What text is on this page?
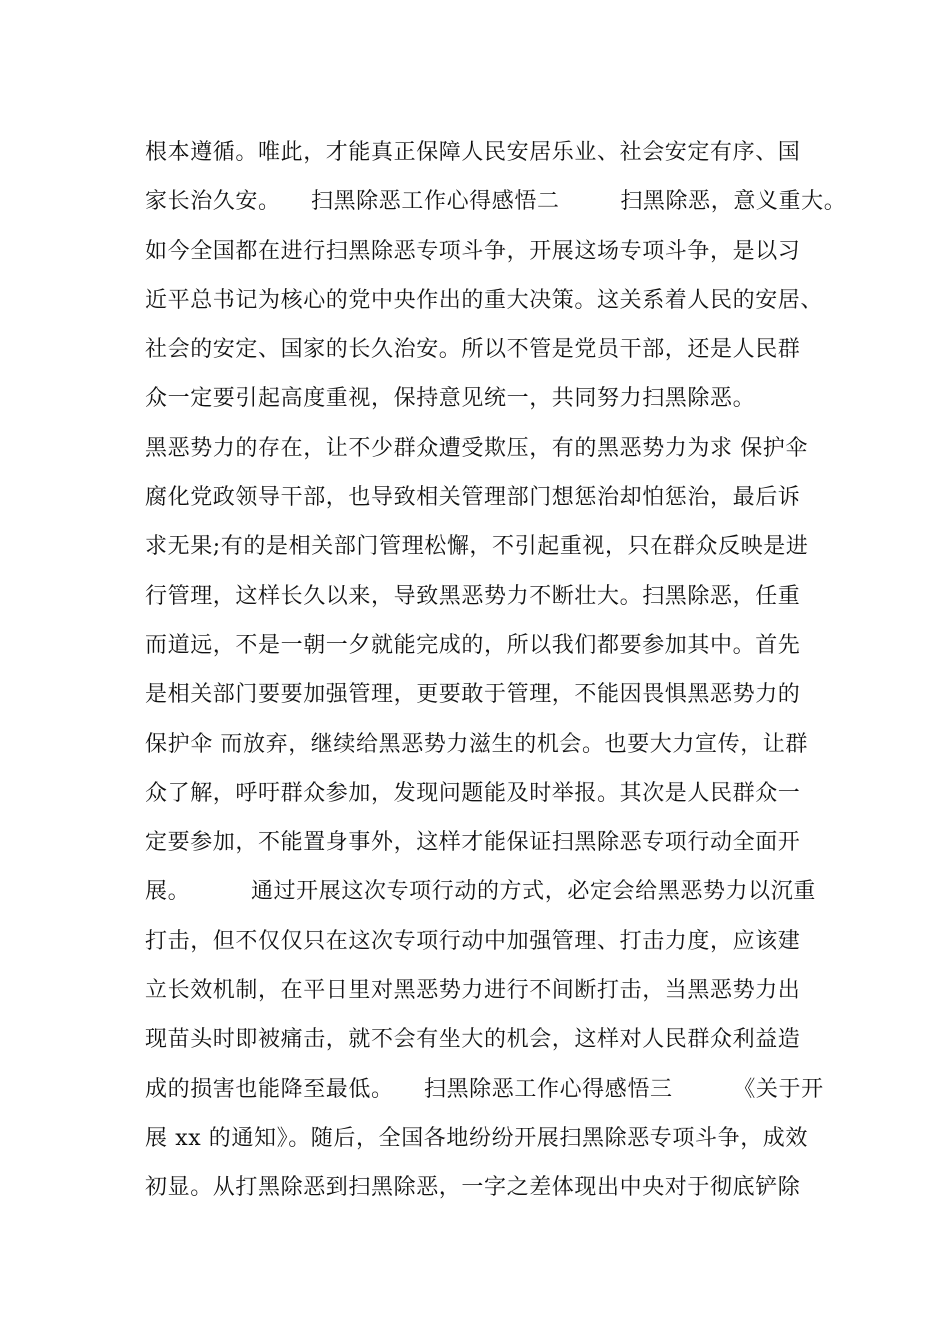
根本遵循。唯此，才能真正保障人民安居乐业、社会安定有序、国
家长治久安。    扫黑除恶工作心得感悟二        扫黑除恶，意义重大。
如今全国都在进行扫黑除恶专项斗争，开展这场专项斗争，是以习
近平总书记为核心的党中央作出的重大决策。这关系着人民的安居、
社会的安定、国家的长久治安。所以不管是党员干部，还是人民群
众一定要引起高度重视，保持意见统一，共同努力扫黑除恶。
黑恶势力的存在，让不少群众遭受欺压，有的黑恶势力为求 保护伞
腐化党政领导干部，也导致相关管理部门想惩治却怕惩治，最后诉
求无果;有的是相关部门管理松懈，不引起重视，只在群众反映是进
行管理，这样长久以来，导致黑恶势力不断壮大。扫黑除恶，任重
而道远，不是一朝一夕就能完成的，所以我们都要参加其中。首先
是相关部门要要加强管理，更要敢于管理，不能因畏惧黑恶势力的
保护伞 而放弃，继续给黑恶势力滋生的机会。也要大力宣传，让群
众了解，呼吁群众参加，发现问题能及时举报。其次是人民群众一
定要参加，不能置身事外，这样才能保证扫黑除恶专项行动全面开
展。        通过开展这次专项行动的方式，必定会给黑恶势力以沉重
打击，但不仅仅只在这次专项行动中加强管理、打击力度，应该建
立长效机制，在平日里对黑恶势力进行不间断打击，当黑恶势力出
现苗头时即被痛击，就不会有坐大的机会，这样对人民群众利益造
成的损害也能降至最低。    扫黑除恶工作心得感悟三        《关于开
展 xx 的通知》。随后，全国各地纷纷开展扫黑除恶专项斗争，成效
初显。从打黑除恶到扫黑除恶，一字之差体现出中央对于彻底铲除
